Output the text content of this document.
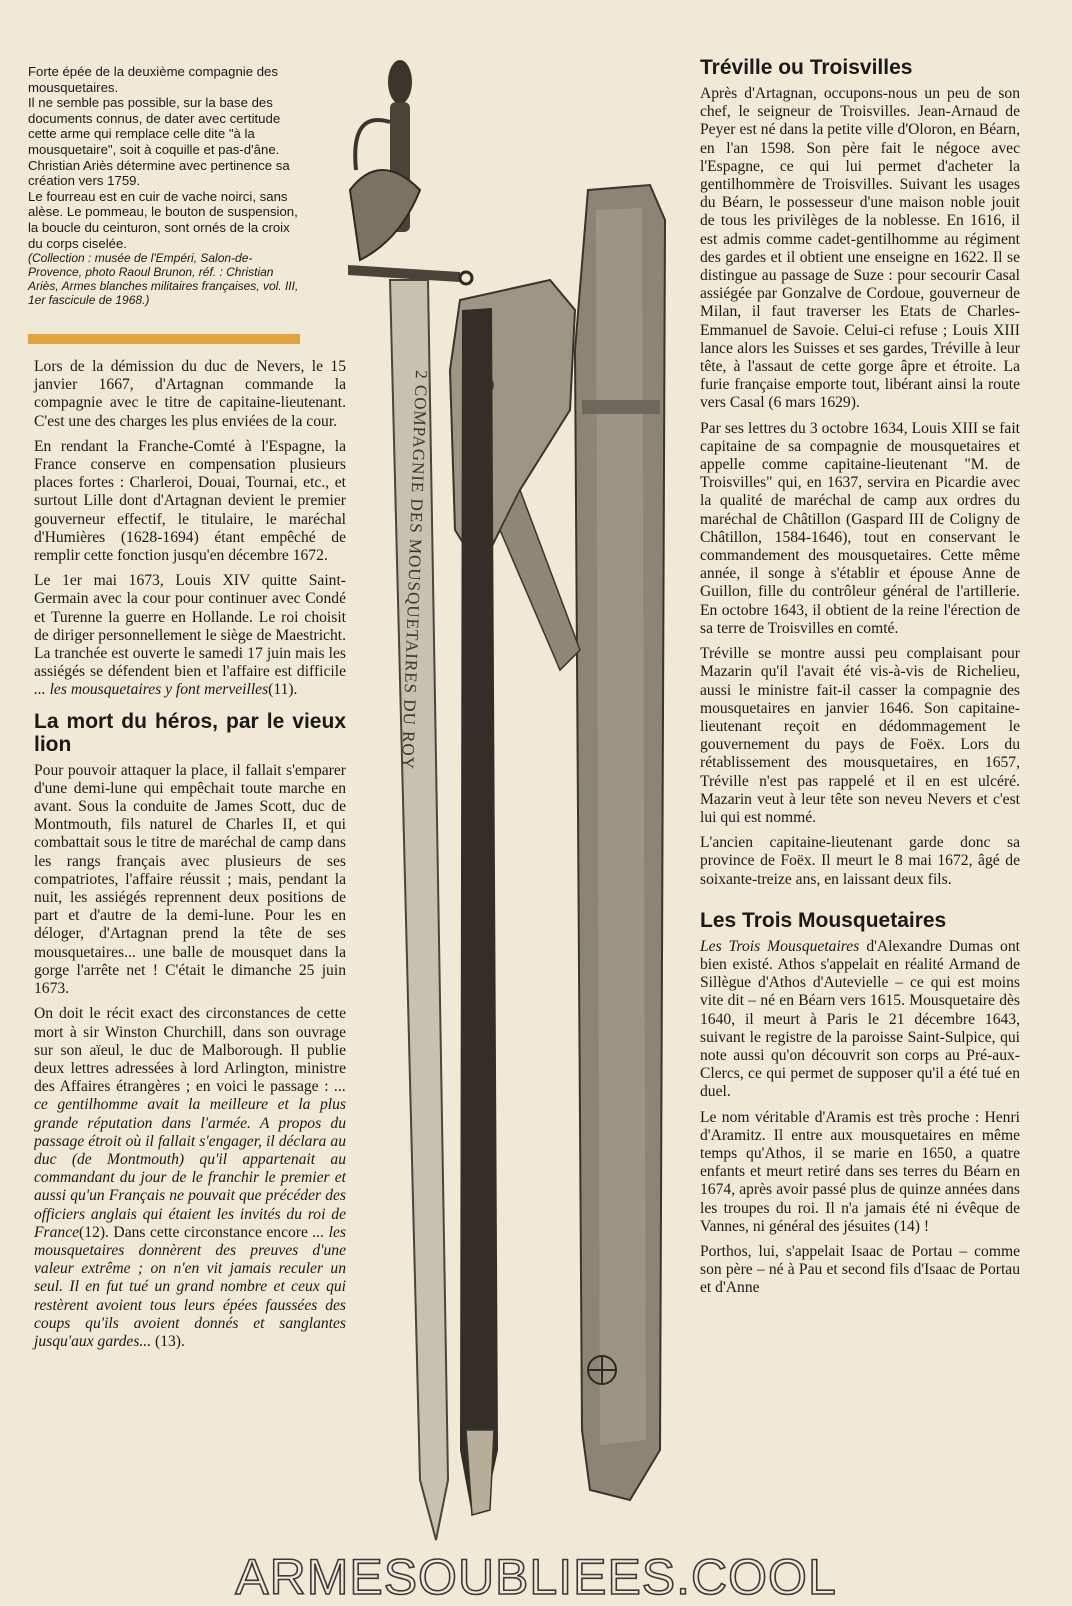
Forte épée de la deuxième compagnie des mousquetaires.

Il ne semble pas possible, sur la base des documents connus, de dater avec certitude cette arme qui remplace celle dite "à la mousquetaire", soit à coquille et pas-d'âne. Christian Ariès détermine avec pertinence sa création vers 1759.

Le fourreau est en cuir de vache noirci, sans alèse. Le pommeau, le bouton de suspension, la boucle du ceinturon, sont ornés de la croix du corps ciselée.

(Collection : musée de l'Empéri, Salon-de-Provence, photo Raoul Brunon, réf. : Christian Ariès, Armes blanches militaires françaises, vol. III, 1er fascicule de 1968.)

2 COMPAGNIE DES MOUSQUETAIRES DU ROY

Lors de la démission du duc de Nevers, le 15 janvier 1667, d'Artagnan commande la compagnie avec le titre de capitaine-lieutenant. C'est une des charges les plus enviées de la cour.

En rendant la Franche-Comté à l'Espagne, la France conserve en compensation plusieurs places fortes : Charleroi, Douai, Tournai, etc., et surtout Lille dont d'Artagnan devient le premier gouverneur effectif, le titulaire, le maréchal d'Humières (1628-1694) étant empêché de remplir cette fonction jusqu'en décembre 1672.

Le 1er mai 1673, Louis XIV quitte Saint-Germain avec la cour pour continuer avec Condé et Turenne la guerre en Hollande. Le roi choisit de diriger personnellement le siège de Maestricht. La tranchée est ouverte le samedi 17 juin mais les assiégés se défendent bien et l'affaire est difficile ... les mousquetaires y font merveilles(11).

La mort du héros, par le vieux lion

Pour pouvoir attaquer la place, il fallait s'emparer d'une demi-lune qui empêchait toute marche en avant. Sous la conduite de James Scott, duc de Montmouth, fils naturel de Charles II, et qui combattait sous le titre de maréchal de camp dans les rangs français avec plusieurs de ses compatriotes, l'affaire réussit ; mais, pendant la nuit, les assiégés reprennent deux positions de part et d'autre de la demi-lune. Pour les en déloger, d'Artagnan prend la tête de ses mousquetaires... une balle de mousquet dans la gorge l'arrête net ! C'était le dimanche 25 juin 1673.

On doit le récit exact des circonstances de cette mort à sir Winston Churchill, dans son ouvrage sur son aïeul, le duc de Malborough. Il publie deux lettres adressées à lord Arlington, ministre des Affaires étrangères ; en voici le passage : ... ce gentilhomme avait la meilleure et la plus grande réputation dans l'armée. A propos du passage étroit où il fallait s'engager, il déclara au duc (de Montmouth) qu'il appartenait au commandant du jour de le franchir le premier et aussi qu'un Français ne pouvait que précéder des officiers anglais qui étaient les invités du roi de France(12). Dans cette circonstance encore ... les mousquetaires donnèrent des preuves d'une valeur extrême ; on n'en vit jamais reculer un seul. Il en fut tué un grand nombre et ceux qui restèrent avoient tous leurs épées faussées des coups qu'ils avoient donnés et sanglantes jusqu'aux gardes... (13).

Tréville ou Troisvilles

Après d'Artagnan, occupons-nous un peu de son chef, le seigneur de Troisvilles. Jean-Arnaud de Peyer est né dans la petite ville d'Oloron, en Béarn, en l'an 1598. Son père fait le négoce avec l'Espagne, ce qui lui permet d'acheter la gentilhommère de Troisvilles. Suivant les usages du Béarn, le possesseur d'une maison noble jouit de tous les privilèges de la noblesse. En 1616, il est admis comme cadet-gentilhomme au régiment des gardes et il obtient une enseigne en 1622. Il se distingue au passage de Suze : pour secourir Casal assiégée par Gonzalve de Cordoue, gouverneur de Milan, il faut traverser les Etats de Charles-Emmanuel de Savoie. Celui-ci refuse ; Louis XIII lance alors les Suisses et ses gardes, Tréville à leur tête, à l'assaut de cette gorge âpre et étroite. La furie française emporte tout, libérant ainsi la route vers Casal (6 mars 1629).

Par ses lettres du 3 octobre 1634, Louis XIII se fait capitaine de sa compagnie de mousquetaires et appelle comme capitaine-lieutenant "M. de Troisvilles" qui, en 1637, servira en Picardie avec la qualité de maréchal de camp aux ordres du maréchal de Châtillon (Gaspard III de Coligny de Châtillon, 1584-1646), tout en conservant le commandement des mousquetaires. Cette même année, il songe à s'établir et épouse Anne de Guillon, fille du contrôleur général de l'artillerie. En octobre 1643, il obtient de la reine l'érection de sa terre de Troisvilles en comté.

Tréville se montre aussi peu complaisant pour Mazarin qu'il l'avait été vis-à-vis de Richelieu, aussi le ministre fait-il casser la compagnie des mousquetaires en janvier 1646. Son capitaine-lieutenant reçoit en dédommagement le gouvernement du pays de Foëx. Lors du rétablissement des mousquetaires, en 1657, Tréville n'est pas rappelé et il en est ulcéré. Mazarin veut à leur tête son neveu Nevers et c'est lui qui est nommé.

L'ancien capitaine-lieutenant garde donc sa province de Foëx. Il meurt le 8 mai 1672, âgé de soixante-treize ans, en laissant deux fils.

Les Trois Mousquetaires

Les Trois Mousquetaires d'Alexandre Dumas ont bien existé. Athos s'appelait en réalité Armand de Sillègue d'Athos d'Autevielle – ce qui est moins vite dit – né en Béarn vers 1615. Mousquetaire dès 1640, il meurt à Paris le 21 décembre 1643, suivant le registre de la paroisse Saint-Sulpice, qui note aussi qu'on découvrit son corps au Pré-aux-Clercs, ce qui permet de supposer qu'il a été tué en duel.

Le nom véritable d'Aramis est très proche : Henri d'Aramitz. Il entre aux mousquetaires en même temps qu'Athos, il se marie en 1650, a quatre enfants et meurt retiré dans ses terres du Béarn en 1674, après avoir passé plus de quinze années dans les troupes du roi. Il n'a jamais été ni évêque de Vannes, ni général des jésuites (14) !

Porthos, lui, s'appelait Isaac de Portau – comme son père – né à Pau et second fils d'Isaac de Portau et d'Anne

ARMESOUBLIEES.COOL
